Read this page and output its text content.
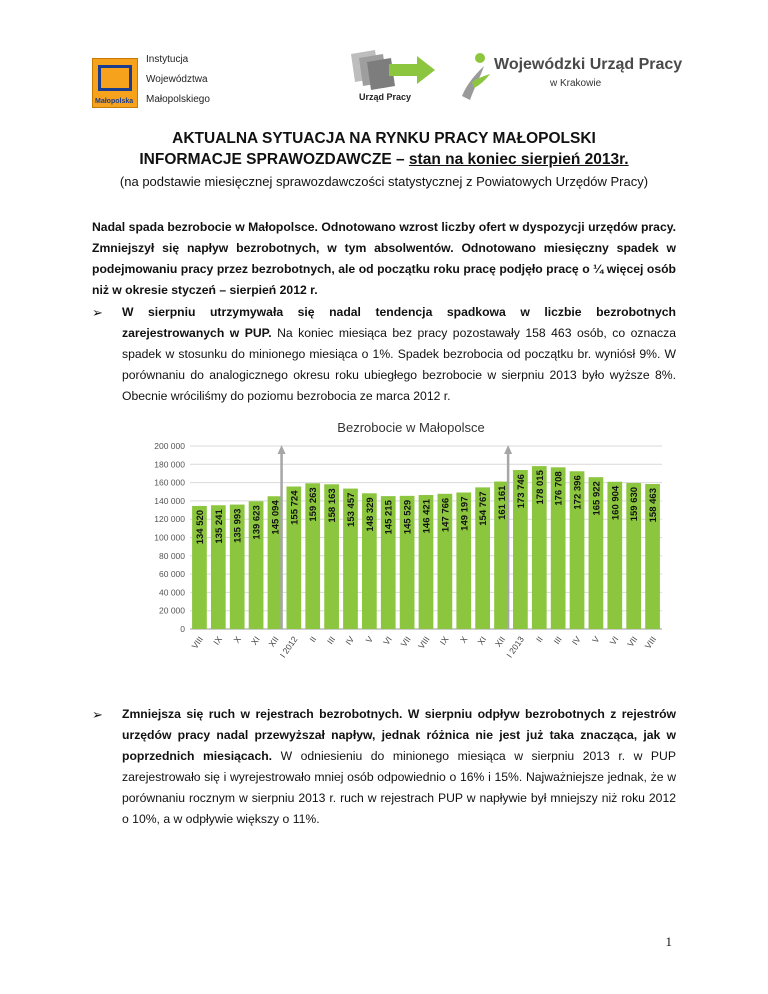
Małopolska
Instytucja
Województwa
Małopolskiego	Urząd Pracy
Wojewódzki Urząd Pracy
w Krakowie
AKTUALNA SYTUACJA NA RYNKU PRACY MAŁOPOLSKI
INFORMACJE SPRAWOZDAWCZE – stan na koniec sierpień 2013r.
(na podstawie miesięcznej sprawozdawczości statystycznej z Powiatowych Urzędów Pracy)
Nadal spada bezrobocie w Małopolsce. Odnotowano wzrost liczby ofert w dyspozycji urzędów pracy. Zmniejszył się napływ bezrobotnych, w tym absolwentów. Odnotowano miesięczny spadek w podejmowaniu pracy przez bezrobotnych, ale od początku roku pracę podjęło pracę o ¼ więcej osób niż w okresie styczeń – sierpień 2012 r.
➢ W sierpniu utrzymywała się nadal tendencja spadkowa w liczbie bezrobotnych zarejestrowanych w PUP. Na koniec miesiąca bez pracy pozostawały 158 463 osób, co oznacza spadek w stosunku do minionego miesiąca o 1%. Spadek bezrobocia od początku br. wyniósł 9%. W porównaniu do analogicznego okresu roku ubiegłego bezrobocie w sierpniu 2013 było wyższe 8%. Obecnie wróciliśmy do poziomu bezrobocia ze marca 2012 r.
Bezrobocie w Małopolsce
0
20 000
40 000
60 000
80 000
100 000
120 000
140 000
160 000
180 000
200 000
134 520
VIII
135 241
IX
135 993
X
139 623
XI
145 094
XII
155 724
I 2012
159 263
II
158 163
III
153 457
IV
148 329
V
145 215
VI
145 529
VII
146 421
VIII
147 766
IX
149 197
X
154 767
XI
161 161
XII
173 746
I 2013
178 015
II
176 708
III
172 396
IV
165 922
V
160 904
VI
159 630
VII
158 463
VIII
➢ Zmniejsza się ruch w rejestrach bezrobotnych. W sierpniu odpływ bezrobotnych z rejestrów urzędów pracy nadal przewyższał napływ, jednak różnica nie jest już taka znacząca, jak w poprzednich miesiącach. W odniesieniu do minionego miesiąca w sierpniu 2013 r. w PUP zarejestrowało się i wyrejestrowało mniej osób odpowiednio o 16% i 15%. Najważniejsze jednak, że w porównaniu rocznym w sierpniu 2013 r. ruch w rejestrach PUP w napływie był mniejszy niż roku 2012 o 10%, a w odpływie większy o 11%.
1
